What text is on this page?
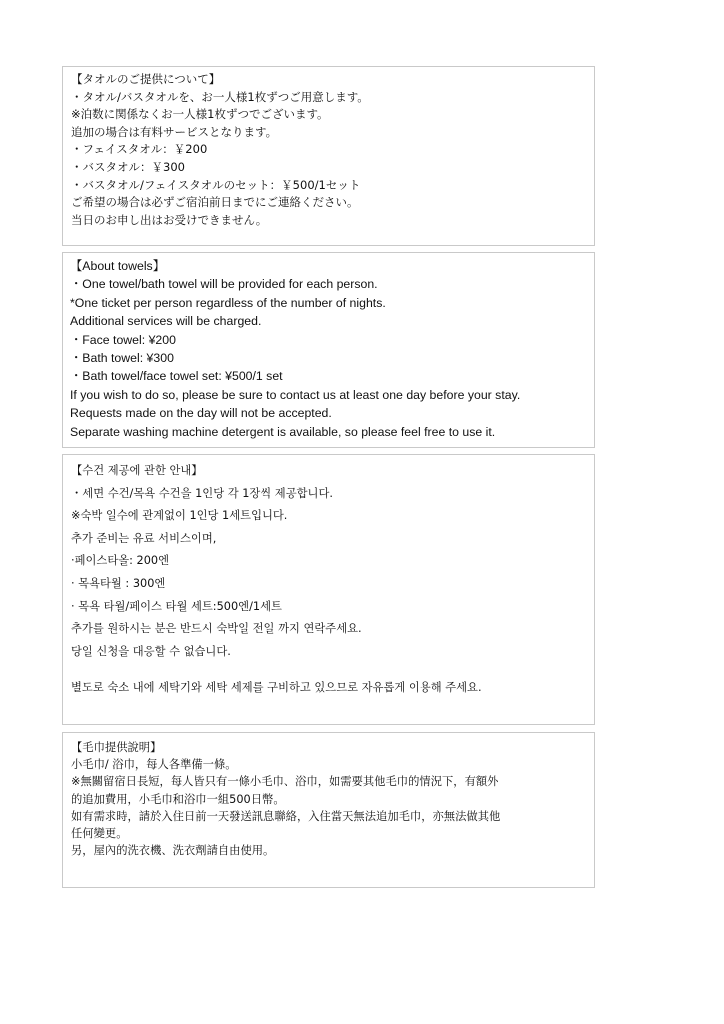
【タオルのご提供について】
・タオル/バスタオルを、お一人様1枚ずつご用意します。
※泊数に関係なくお一人様1枚ずつでございます。
追加の場合は有料サービスとなります。
・フェイスタオル：￥200
・バスタオル：￥300
・バスタオル/フェイスタオルのセット：￥500/1セット
ご希望の場合は必ずご宿泊前日までにご連絡ください。
当日のお申し出はお受けできません。
【About towels】
・One towel/bath towel will be provided for each person.
*One ticket per person regardless of the number of nights.
Additional services will be charged.
・Face towel: ¥200
・Bath towel: ¥300
・Bath towel/face towel set: ¥500/1 set
If you wish to do so, please be sure to contact us at least one day before your stay.
Requests made on the day will not be accepted.
Separate washing machine detergent is available, so please feel free to use it.
【수건 제공에 관한 안내】
・세면 수건/목욕 수건을 1인당 각 1장씩 제공합니다.
※숙박 일수에 관계없이 1인당 1세트입니다.
추가 준비는 유료 서비스이며,
·페이스타올: 200엔
· 목욕타월 : 300엔
· 목욕 타월/페이스 타월 세트:500엔/1세트
추가를 원하시는 분은 반드시 숙박일 전일 까지 연락주세요.
당일 신청을 대응할 수 없습니다.
별도로 숙소 내에 세탁기와 세탁 세제를 구비하고 있으므로 자유롭게 이용해 주세요.
【毛巾提供說明】
小毛巾/ 浴巾，每人各準備一條。
※無關留宿日長短，每人皆只有一條小毛巾、浴巾，如需要其他毛巾的情況下，有額外
的追加費用，小毛巾和浴巾一組500日幣。
如有需求時，請於入住日前一天發送訊息聯絡，入住當天無法追加毛巾，亦無法做其他
任何變更。
另，屋內的洗衣機、洗衣劑請自由使用。
